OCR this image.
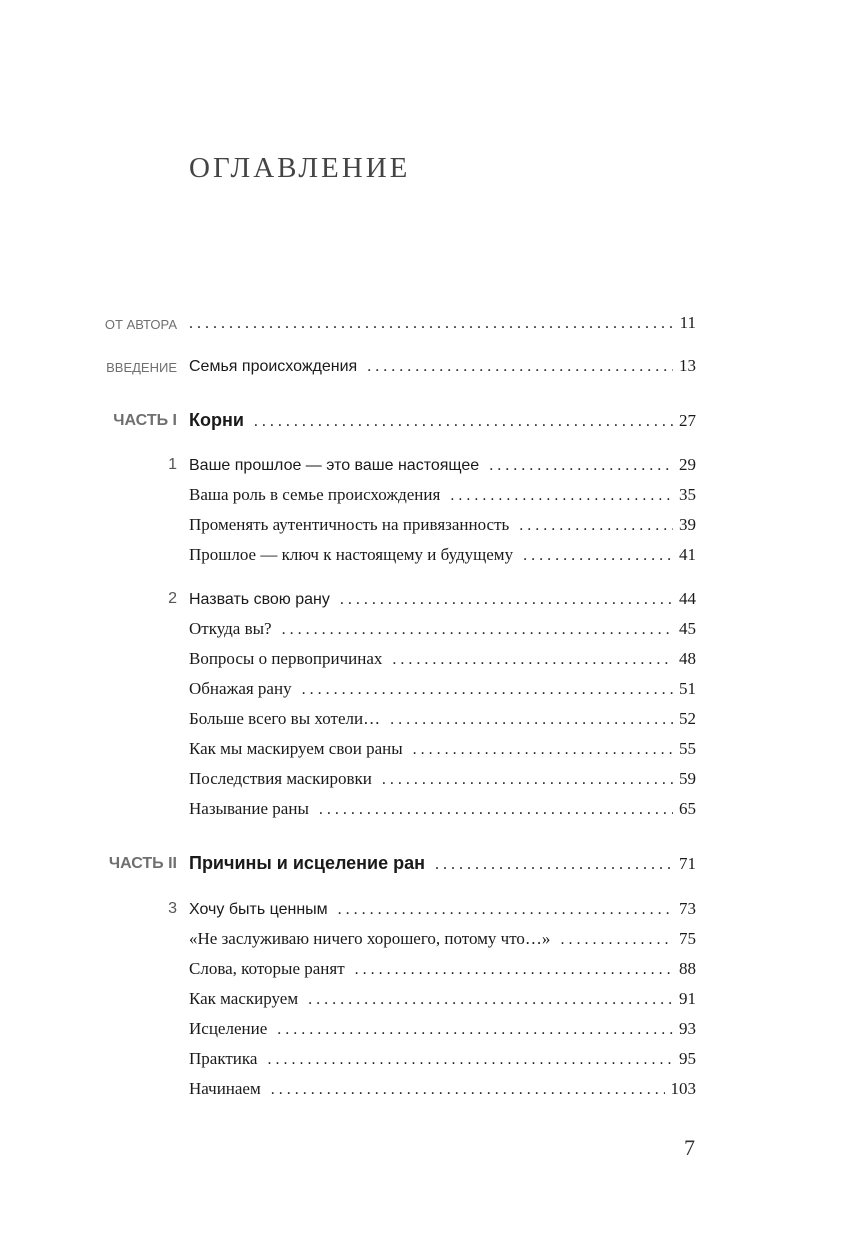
ОГЛАВЛЕНИЕ
ОТ АВТОРА . . .	11
ВВЕДЕНИЕ Семья происхождения . . .	13
ЧАСТЬ I Корни . . .	27
1 Ваше прошлое — это ваше настоящее . . .	29
Ваша роль в семье происхождения . . .	35
Променять аутентичность на привязанность . . .	39
Прошлое — ключ к настоящему и будущему . . .	41
2 Назвать свою рану . . .	44
Откуда вы? . . .	45
Вопросы о первопричинах . . .	48
Обнажая рану . . .	51
Больше всего вы хотели… . . .	52
Как мы маскируем свои раны . . .	55
Последствия маскировки . . .	59
Называние раны . . .	65
ЧАСТЬ II Причины и исцеление ран . . .	71
3 Хочу быть ценным . . .	73
«Не заслуживаю ничего хорошего, потому что…» . . .	75
Слова, которые ранят . . .	88
Как маскируем . . .	91
Исцеление . . .	93
Практика . . .	95
Начинаем . . .	103

7
